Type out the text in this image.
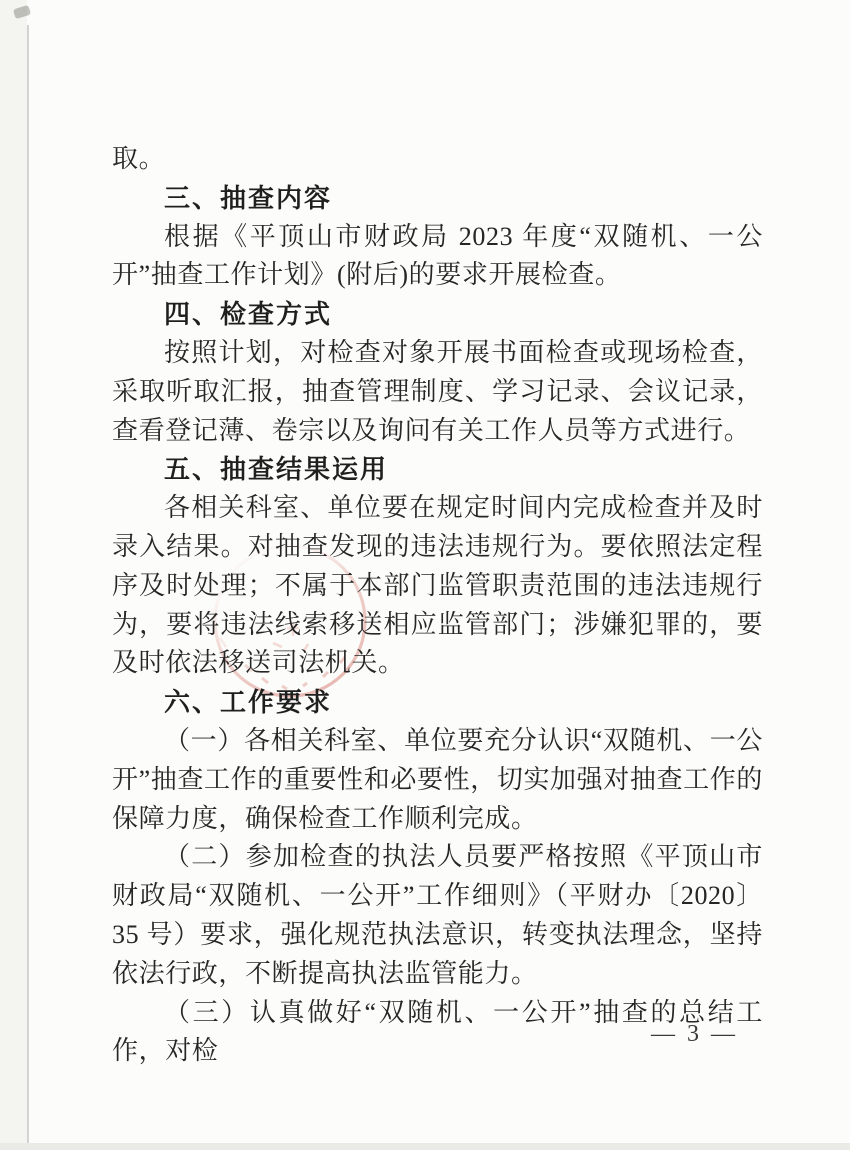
取。

三、抽查内容

根据《平顶山市财政局 2023 年度“双随机、一公开”抽查工作计划》(附后)的要求开展检查。

四、检查方式

按照计划，对检查对象开展书面检查或现场检查，采取听取汇报，抽查管理制度、学习记录、会议记录，查看登记薄、卷宗以及询问有关工作人员等方式进行。

五、抽查结果运用

各相关科室、单位要在规定时间内完成检查并及时录入结果。对抽查发现的违法违规行为。要依照法定程序及时处理；不属于本部门监管职责范围的违法违规行为，要将违法线索移送相应监管部门；涉嫌犯罪的，要及时依法移送司法机关。

六、工作要求

（一）各相关科室、单位要充分认识“双随机、一公开”抽查工作的重要性和必要性，切实加强对抽查工作的保障力度，确保检查工作顺利完成。

（二）参加检查的执法人员要严格按照《平顶山市财政局“双随机、一公开”工作细则》（平财办〔2020〕35 号）要求，强化规范执法意识，转变执法理念，坚持依法行政，不断提高执法监管能力。

（三）认真做好“双随机、一公开”抽查的总结工作，对检

— 3 —
